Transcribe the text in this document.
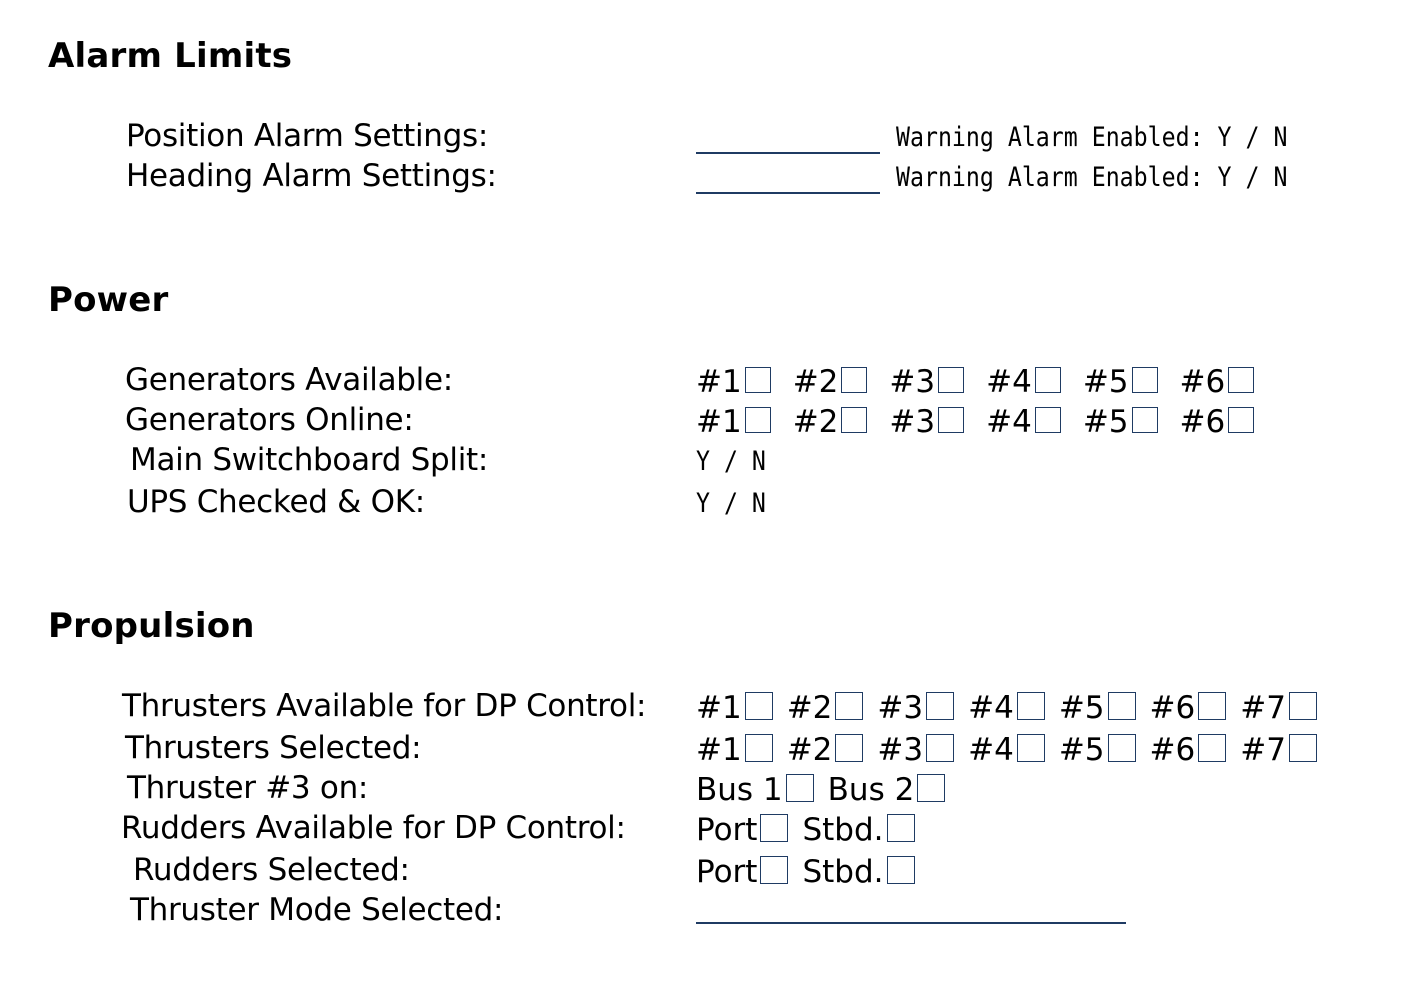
Alarm Limits
Position Alarm Settings:	Warning Alarm Enabled: Y / N
Heading Alarm Settings:	Warning Alarm Enabled: Y / N
Power
Generators Available:	#1 #2 #3 #4 #5 #6
Generators Online:	#1 #2 #3 #4 #5 #6
Main Switchboard Split:	Y / N
UPS Checked & OK:	Y / N
Propulsion
Thrusters Available for DP Control: #1 #2 #3 #4 #5 #6 #7
Thrusters Selected:	#1 #2 #3 #4 #5 #6 #7
Thruster #3 on:	Bus 1 Bus 2
Rudders Available for DP Control: Port Stbd.
Rudders Selected:	Port Stbd.
Thruster Mode Selected:
